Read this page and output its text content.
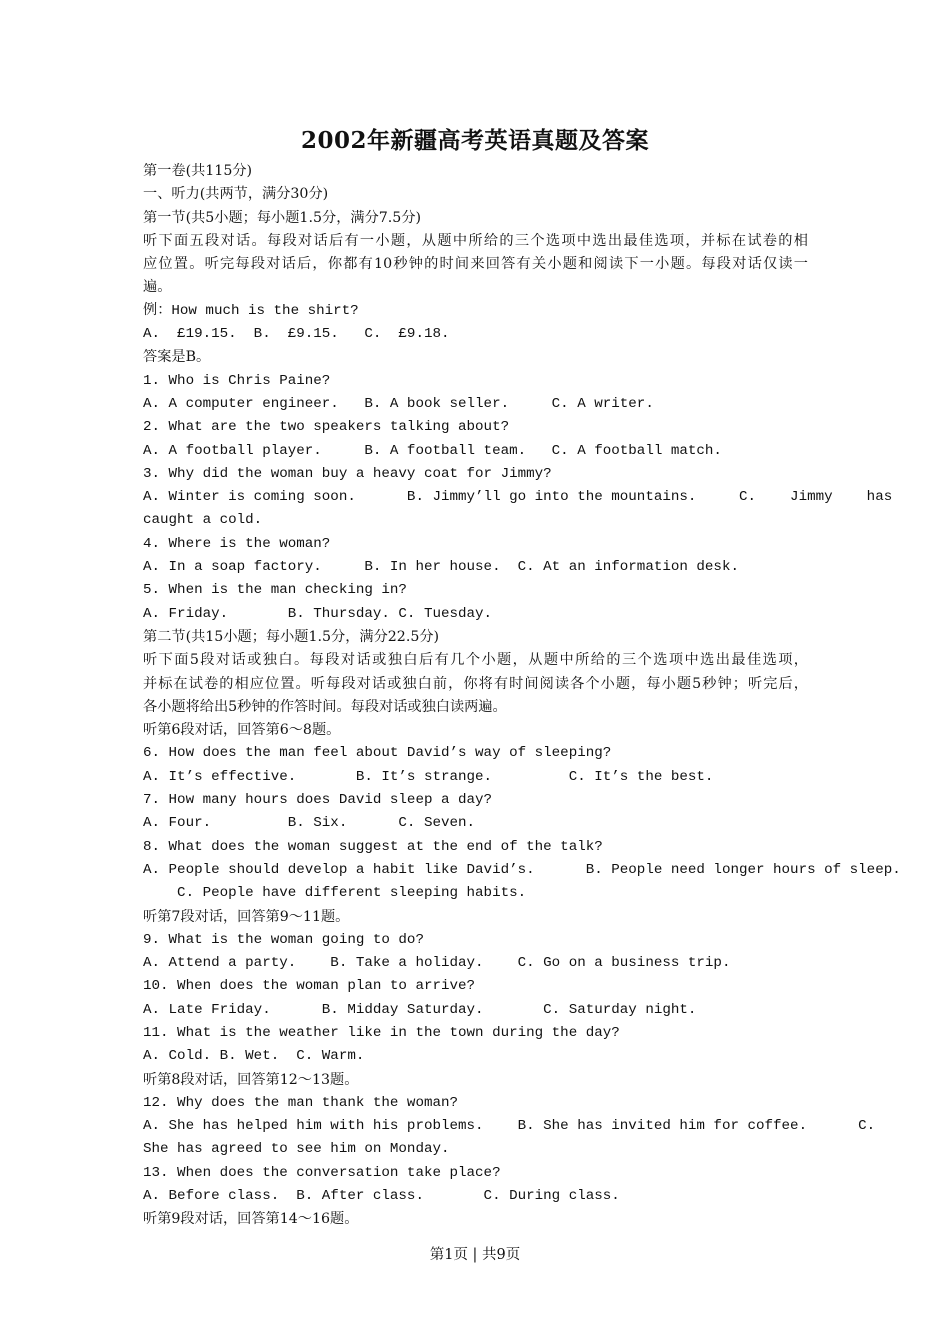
2002年新疆高考英语真题及答案
第一卷(共115分)
一、听力(共两节，满分30分)
第一节(共5小题；每小题1.5分，满分7.5分)
听下面五段对话。每段对话后有一小题，从题中所给的三个选项中选出最佳选项，并标在试卷的相
应位置。听完每段对话后，你都有10秒钟的时间来回答有关小题和阅读下一小题。每段对话仅读一
遍。
例：How much is the shirt?
A.  £19.15.  B.  £9.15.   C.  £9.18.
答案是B。
1. Who is Chris Paine?
A. A computer engineer.   B. A book seller.     C. A writer.
2. What are the two speakers talking about?
A. A football player.     B. A football team.   C. A football match.
3. Why did the woman buy a heavy coat for Jimmy?
A. Winter is coming soon.      B. Jimmy’ll go into the mountains.     C.    Jimmy    has
caught a cold.
4. Where is the woman?
A. In a soap factory.     B. In her house.  C. At an information desk.
5. When is the man checking in?
A. Friday.       B. Thursday. C. Tuesday.
第二节(共15小题；每小题1.5分，满分22.5分)
听下面5段对话或独白。每段对话或独白后有几个小题，从题中所给的三个选项中选出最佳选项，
并标在试卷的相应位置。听每段对话或独白前，你将有时间阅读各个小题，每小题5秒钟；听完后，
各小题将给出5秒钟的作答时间。每段对话或独白读两遍。
听第6段对话，回答第6～8题。
6. How does the man feel about David’s way of sleeping?
A. It’s effective.       B. It’s strange.         C. It’s the best.
7. How many hours does David sleep a day?
A. Four.         B. Six.      C. Seven.
8. What does the woman suggest at the end of the talk?
A. People should develop a habit like David’s.      B. People need longer hours of sleep.
C. People have different sleeping habits.
听第7段对话，回答第9～11题。
9. What is the woman going to do?
A. Attend a party.    B. Take a holiday.    C. Go on a business trip.
10. When does the woman plan to arrive?
A. Late Friday.      B. Midday Saturday.       C. Saturday night.
11. What is the weather like in the town during the day?
A. Cold. B. Wet.  C. Warm.
听第8段对话，回答第12～13题。
12. Why does the man thank the woman?
A. She has helped him with his problems.    B. She has invited him for coffee.      C.
She has agreed to see him on Monday.
13. When does the conversation take place?
A. Before class.  B. After class.       C. During class.
听第9段对话，回答第14～16题。
第1页 | 共9页
